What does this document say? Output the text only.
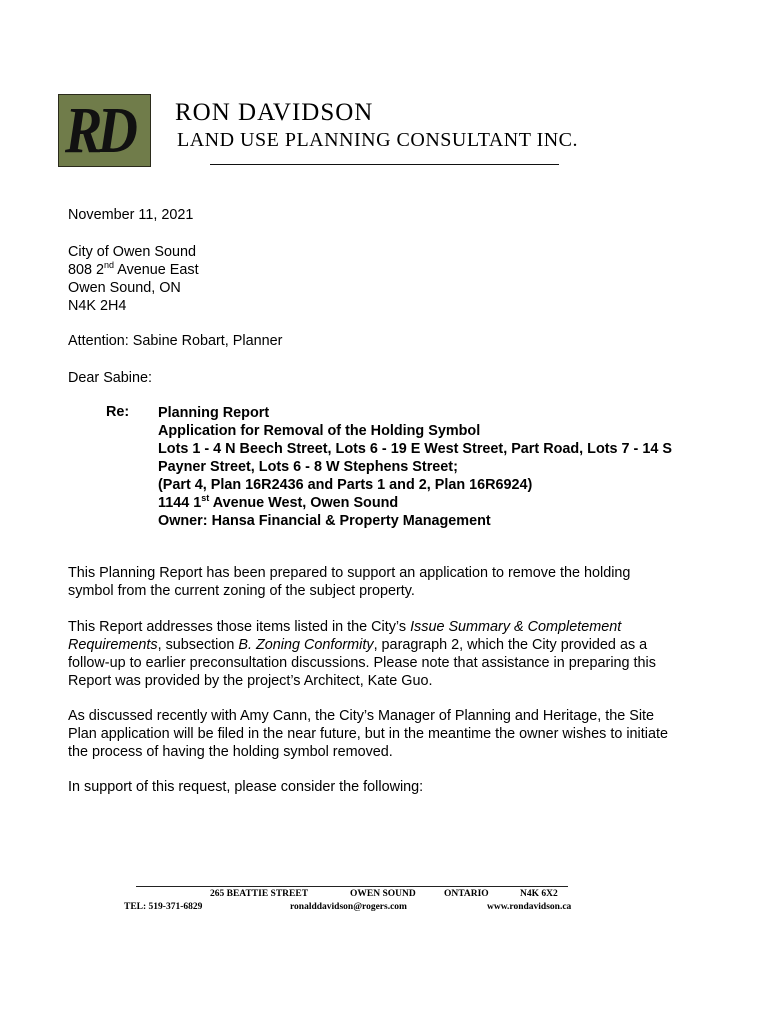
RD RON DAVIDSON
LAND USE PLANNING CONSULTANT INC.
November 11, 2021
City of Owen Sound
808 2nd Avenue East
Owen Sound, ON
N4K 2H4
Attention: Sabine Robart, Planner
Dear Sabine:
Re: Planning Report
Application for Removal of the Holding Symbol
Lots 1 - 4 N Beech Street, Lots 6 - 19 E West Street, Part Road, Lots 7 - 14 S
Payner Street, Lots 6 - 8 W Stephens Street;
(Part 4, Plan 16R2436 and Parts 1 and 2, Plan 16R6924)
1144 1st Avenue West, Owen Sound
Owner: Hansa Financial & Property Management
This Planning Report has been prepared to support an application to remove the holding
symbol from the current zoning of the subject property.
This Report addresses those items listed in the City’s Issue Summary & Completement
Requirements, subsection B. Zoning Conformity, paragraph 2, which the City provided as a
follow-up to earlier preconsultation discussions. Please note that assistance in preparing this
Report was provided by the project’s Architect, Kate Guo.
As discussed recently with Amy Cann, the City’s Manager of Planning and Heritage, the Site
Plan application will be filed in the near future, but in the meantime the owner wishes to initiate
the process of having the holding symbol removed.
In support of this request, please consider the following:
265 BEATTIE STREET	OWEN SOUND	ONTARIO	N4K 6X2
TEL: 519-371-6829	ronalddavidson@rogers.com	www.rondavidson.ca
